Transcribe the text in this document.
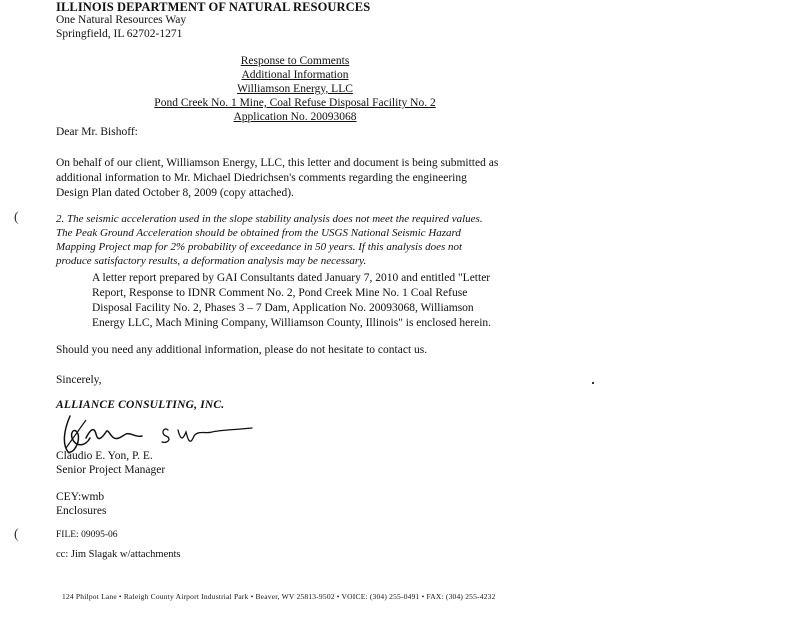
ILLINOIS DEPARTMENT OF NATURAL RESOURCES
One Natural Resources Way
Springfield, IL 62702-1271
Response to Comments
Additional Information
Williamson Energy, LLC
Pond Creek No. 1 Mine, Coal Refuse Disposal Facility No. 2
Application No. 20093068
Dear Mr. Bishoff:
On behalf of our client, Williamson Energy, LLC, this letter and document is being submitted as
additional information to Mr. Michael Diedrichsen's comments regarding the engineering
Design Plan dated October 8, 2009 (copy attached).
(
(
2. The seismic acceleration used in the slope stability analysis does not meet the required values.
The Peak Ground Acceleration should be obtained from the USGS National Seismic Hazard
Mapping Project map for 2% probability of exceedance in 50 years. If this analysis does not
produce satisfactory results, a deformation analysis may be necessary.
A letter report prepared by GAI Consultants dated January 7, 2010 and entitled "Letter
Report, Response to IDNR Comment No. 2, Pond Creek Mine No. 1 Coal Refuse
Disposal Facility No. 2, Phases 3 – 7 Dam, Application No. 20093068, Williamson
Energy LLC, Mach Mining Company, Williamson County, Illinois" is enclosed herein.
Should you need any additional information, please do not hesitate to contact us.
Sincerely,
ALLIANCE CONSULTING, INC.
Claudio E. Yon, P. E.
Senior Project Manager
CEY:wmb
Enclosures
FILE: 09095-06
cc: Jim Slagak w/attachments
124 Philpot Lane • Raleigh County Airport Industrial Park • Beaver, WV 25813-9502 • VOICE: (304) 255-0491 • FAX: (304) 255-4232
